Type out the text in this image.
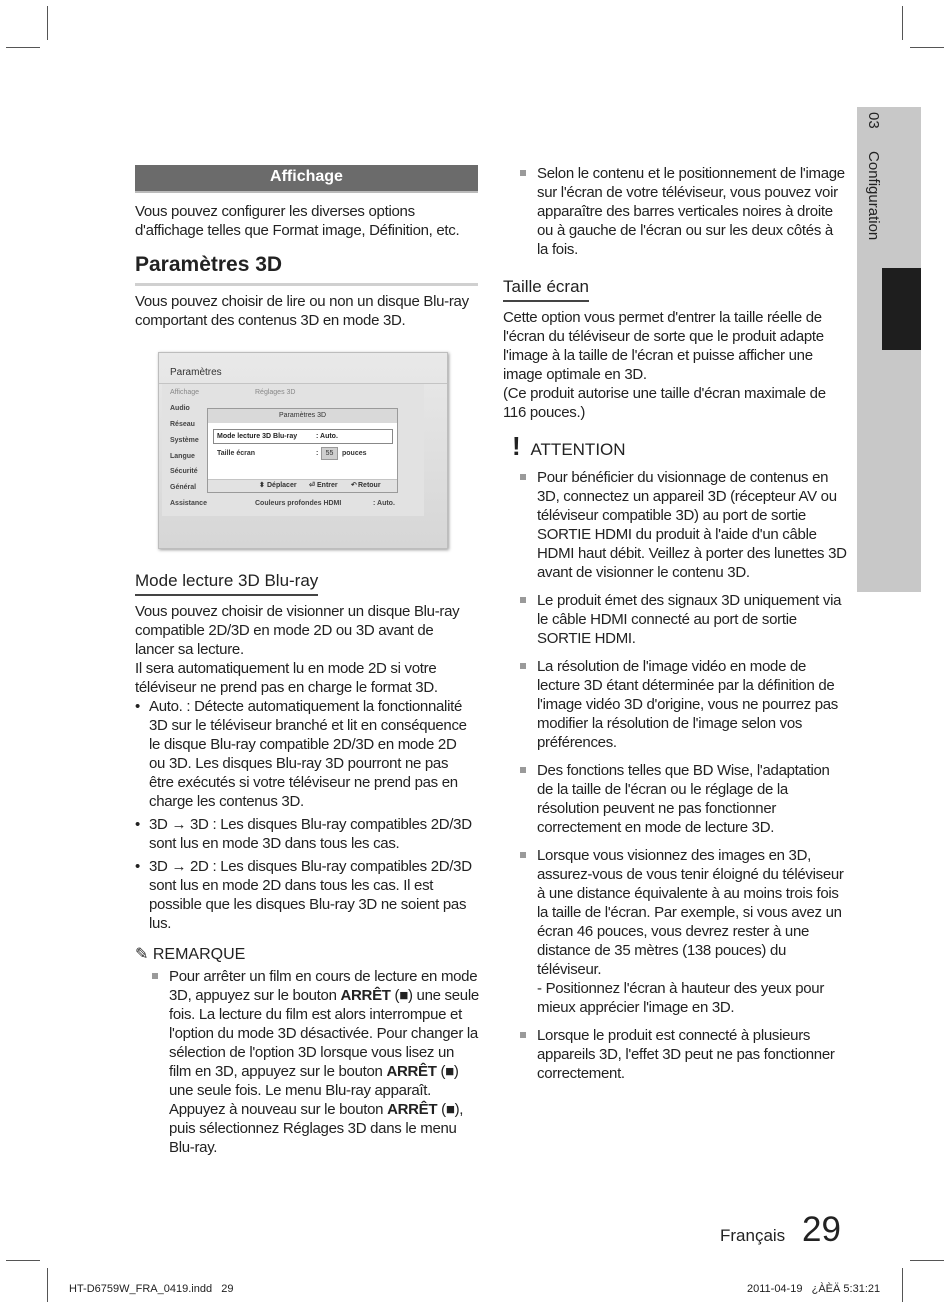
03  Configuration
Affichage
Vous pouvez configurer les diverses options d'affichage telles que Format image, Définition, etc.
Paramètres 3D
Vous pouvez choisir de lire ou non un disque Blu-ray comportant des contenus 3D en mode 3D.
Paramètres
Affichage
Audio
Réseau
Système
Langue
Sécurité
Général
Assistance
Réglages 3D
Couleurs profondes HDMI	: Auto.
Paramètres 3D
Mode lecture 3D Blu-ray	: Auto.
Taille écran	:	55	pouces
⬍ Déplacer ⏎ Entrer ↶ Retour
Mode lecture 3D Blu-ray

Vous pouvez choisir de visionner un disque Blu-ray compatible 2D/3D en mode 2D ou 3D avant de lancer sa lecture.

Il sera automatiquement lu en mode 2D si votre téléviseur ne prend pas en charge le format 3D.

• Auto. : Détecte automatiquement la fonctionnalité 3D sur le téléviseur branché et lit en conséquence le disque Blu-ray compatible 2D/3D en mode 2D ou 3D. Les disques Blu-ray 3D pourront ne pas être exécutés si votre téléviseur ne prend pas en charge les contenus 3D.
• 3D → 3D : Les disques Blu-ray compatibles 2D/3D sont lus en mode 3D dans tous les cas.
• 3D → 2D : Les disques Blu-ray compatibles 2D/3D sont lus en mode 2D dans tous les cas. Il est possible que les disques Blu-ray 3D ne soient pas lus.
✎ REMARQUE
Pour arrêter un film en cours de lecture en mode 3D, appuyez sur le bouton ARRÊT (■) une seule fois. La lecture du film est alors interrompue et l'option du mode 3D désactivée. Pour changer la sélection de l'option 3D lorsque vous lisez un film en 3D, appuyez sur le bouton ARRÊT (■) une seule fois. Le menu Blu-ray apparaît. Appuyez à nouveau sur le bouton ARRÊT (■), puis sélectionnez Réglages 3D dans le menu Blu-ray.
Selon le contenu et le positionnement de l'image sur l'écran de votre téléviseur, vous pouvez voir apparaître des barres verticales noires à droite ou à gauche de l'écran ou sur les deux côtés à la fois.
Taille écran

Cette option vous permet d'entrer la taille réelle de l'écran du téléviseur de sorte que le produit adapte l'image à la taille de l'écran et puisse afficher une image optimale en 3D.

(Ce produit autorise une taille d'écran maximale de 116 pouces.)

! ATTENTION
Pour bénéficier du visionnage de contenus en 3D, connectez un appareil 3D (récepteur AV ou téléviseur compatible 3D) au port de sortie SORTIE HDMI du produit à l'aide d'un câble HDMI haut débit. Veillez à porter des lunettes 3D avant de visionner le contenu 3D.
Le produit émet des signaux 3D uniquement via le câble HDMI connecté au port de sortie SORTIE HDMI.
La résolution de l'image vidéo en mode de lecture 3D étant déterminée par la définition de l'image vidéo 3D d'origine, vous ne pourrez pas modifier la résolution de l'image selon vos préférences.
Des fonctions telles que BD Wise, l'adaptation de la taille de l'écran ou le réglage de la résolution peuvent ne pas fonctionner correctement en mode de lecture 3D.
Lorsque vous visionnez des images en 3D, assurez-vous de vous tenir éloigné du téléviseur à une distance équivalente à au moins trois fois la taille de l'écran. Par exemple, si vous avez un écran 46 pouces, vous devrez rester à une distance de 35 mètres (138 pouces) du téléviseur.
- Positionnez l'écran à hauteur des yeux pour mieux apprécier l'image en 3D.
Lorsque le produit est connecté à plusieurs appareils 3D, l'effet 3D peut ne pas fonctionner correctement.
Français 29
HT-D6759W_FRA_0419.indd   29	2011-04-19   ¿ÀÈÄ 5:31:21
